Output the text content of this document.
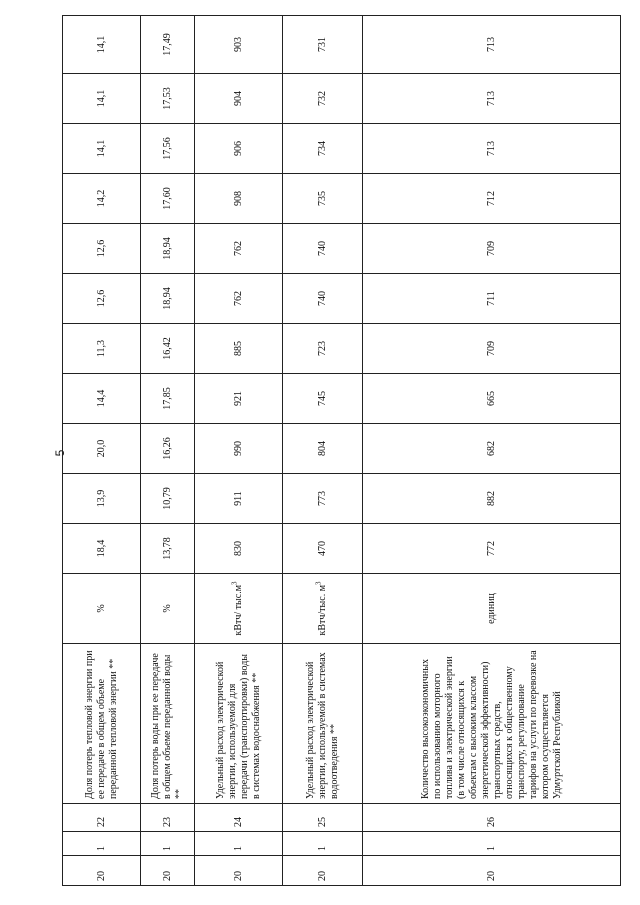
5
20	1	22	Доля потерь тепловой энергии при ее передаче в общем объеме переданной тепловой энергии **	%	18,4	13,9	20,0	14,4	11,3	12,6	12,6	14,2	14,1	14,1	14,1
20	1	23	Доля потерь воды при ее передаче в общем объеме переданной воды **	%	13,78	10,79	16,26	17,85	16,42	18,94	18,94	17,60	17,56	17,53	17,49
20	1	24	Удельный расход электрической энергии, используемой для передачи (транспортировки) воды в системах водоснабжения **	кВтч/ $тыс.м^3$	830	911	990	921	885	762	762	908	906	904	903
20	1	25	Удельный расход электрической энергии, используемой в системах водоотведения **	кВтч/тыс. $м^3$	470	773	804	745	723	740	740	735	734	732	731
20	1	26	Количество высокоэкономичных по использованию моторного топлива и электрической энергии (в том числе относящихся к объектам с высоким классом энергетической эффективности) транспортных средств, относящихся к общественному транспорту, регулирование тарифов на услуги по перевозке на котором осуществляется Удмуртской Республикой	единиц	772	882	682	665	709	711	709	712	713	713	713
